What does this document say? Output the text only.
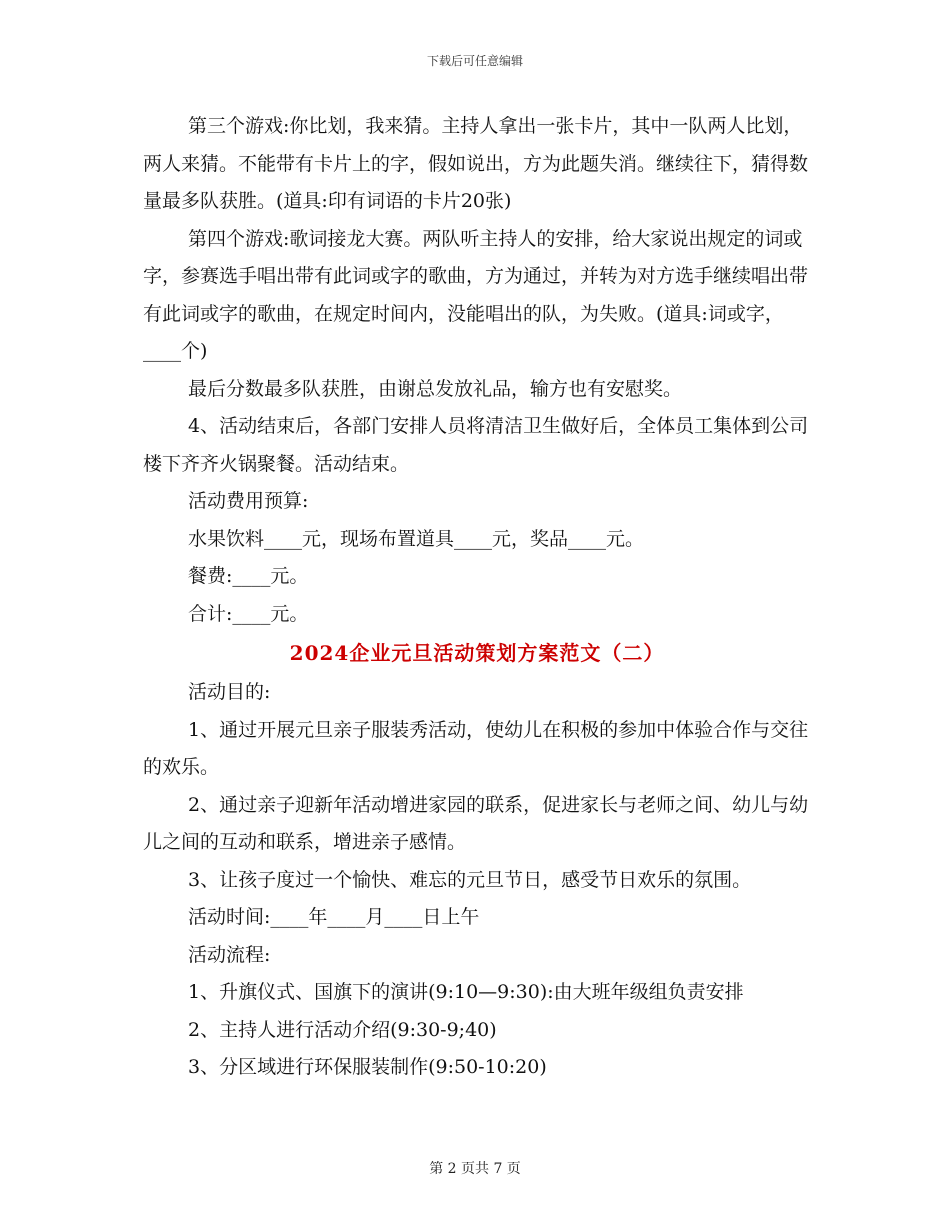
下载后可任意编辑

第三个游戏:你比划，我来猜。主持人拿出一张卡片，其中一队两人比划，两人来猜。不能带有卡片上的字，假如说出，方为此题失消。继续往下，猜得数量最多队获胜。(道具:印有词语的卡片20张)

第四个游戏:歌词接龙大赛。两队听主持人的安排，给大家说出规定的词或字，参赛选手唱出带有此词或字的歌曲，方为通过，并转为对方选手继续唱出带有此词或字的歌曲，在规定时间内，没能唱出的队，为失败。(道具:词或字，____个)

最后分数最多队获胜，由谢总发放礼品，输方也有安慰奖。

4、活动结束后，各部门安排人员将清洁卫生做好后，全体员工集体到公司楼下齐齐火锅聚餐。活动结束。

活动费用预算:

水果饮料____元，现场布置道具____元，奖品____元。

餐费:____元。

合计:____元。

2024企业元旦活动策划方案范文（二）

活动目的:

1、通过开展元旦亲子服装秀活动，使幼儿在积极的参加中体验合作与交往的欢乐。

2、通过亲子迎新年活动增进家园的联系，促进家长与老师之间、幼儿与幼儿之间的互动和联系，增进亲子感情。

3、让孩子度过一个愉快、难忘的元旦节日，感受节日欢乐的氛围。

活动时间:____年____月____日上午

活动流程:

1、升旗仪式、国旗下的演讲(9:10—9:30):由大班年级组负责安排

2、主持人进行活动介绍(9:30-9;40)

3、分区域进行环保服装制作(9:50-10:20)

第 2 页共 7 页
